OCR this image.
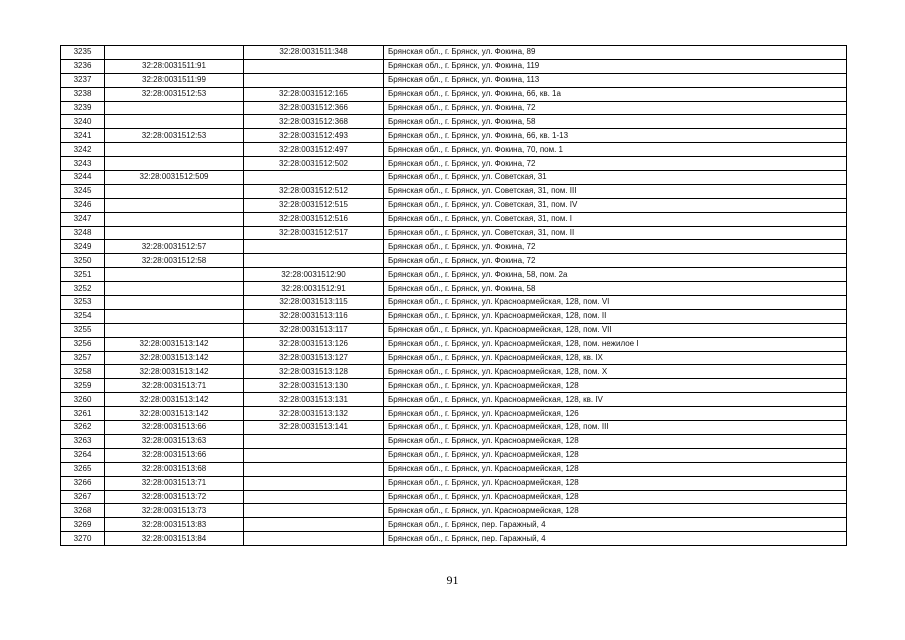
3235		32:28:0031511:348	Брянская обл., г. Брянск, ул. Фокина, 89
3236	32:28:0031511:91		Брянская обл., г. Брянск, ул. Фокина, 119
3237	32:28:0031511:99		Брянская обл., г. Брянск, ул. Фокина, 113
3238	32:28:0031512:53	32:28:0031512:165	Брянская обл., г. Брянск, ул. Фокина, 66, кв. 1а
3239		32:28:0031512:366	Брянская обл., г. Брянск, ул. Фокина, 72
3240		32:28:0031512:368	Брянская обл., г. Брянск, ул. Фокина, 58
3241	32:28:0031512:53	32:28:0031512:493	Брянская обл., г. Брянск, ул. Фокина, 66, кв. 1-13
3242		32:28:0031512:497	Брянская обл., г. Брянск, ул. Фокина, 70, пом. 1
3243		32:28:0031512:502	Брянская обл., г. Брянск, ул. Фокина, 72
3244	32:28:0031512:509		Брянская обл., г. Брянск, ул. Советская, 31
3245		32:28:0031512:512	Брянская обл., г. Брянск, ул. Советская, 31, пом. III
3246		32:28:0031512:515	Брянская обл., г. Брянск, ул. Советская, 31, пом. IV
3247		32:28:0031512:516	Брянская обл., г. Брянск, ул. Советская, 31, пом. I
3248		32:28:0031512:517	Брянская обл., г. Брянск, ул. Советская, 31, пом. II
3249	32:28:0031512:57		Брянская обл., г. Брянск, ул. Фокина, 72
3250	32:28:0031512:58		Брянская обл., г. Брянск, ул. Фокина, 72
3251		32:28:0031512:90	Брянская обл., г. Брянск, ул. Фокина, 58, пом. 2а
3252		32:28:0031512:91	Брянская обл., г. Брянск, ул. Фокина, 58
3253		32:28:0031513:115	Брянская обл., г. Брянск, ул. Красноармейская, 128, пом. VI
3254		32:28:0031513:116	Брянская обл., г. Брянск, ул. Красноармейская, 128, пом. II
3255		32:28:0031513:117	Брянская обл., г. Брянск, ул. Красноармейская, 128, пом. VII
3256	32:28:0031513:142	32:28:0031513:126	Брянская обл., г. Брянск, ул. Красноармейская, 128, пом. нежилое I
3257	32:28:0031513:142	32:28:0031513:127	Брянская обл., г. Брянск, ул. Красноармейская, 128, кв. IX
3258	32:28:0031513:142	32:28:0031513:128	Брянская обл., г. Брянск, ул. Красноармейская, 128, пом. X
3259	32:28:0031513:71	32:28:0031513:130	Брянская обл., г. Брянск, ул. Красноармейская, 128
3260	32:28:0031513:142	32:28:0031513:131	Брянская обл., г. Брянск, ул. Красноармейская, 128, кв. IV
3261	32:28:0031513:142	32:28:0031513:132	Брянская обл., г. Брянск, ул. Красноармейская, 126
3262	32:28:0031513:66	32:28:0031513:141	Брянская обл., г. Брянск, ул. Красноармейская, 128, пом. III
3263	32:28:0031513:63		Брянская обл., г. Брянск, ул. Красноармейская, 128
3264	32:28:0031513:66		Брянская обл., г. Брянск, ул. Красноармейская, 128
3265	32:28:0031513:68		Брянская обл., г. Брянск, ул. Красноармейская, 128
3266	32:28:0031513:71		Брянская обл., г. Брянск, ул. Красноармейская, 128
3267	32:28:0031513:72		Брянская обл., г. Брянск, ул. Красноармейская, 128
3268	32:28:0031513:73		Брянская обл., г. Брянск, ул. Красноармейская, 128
3269	32:28:0031513:83		Брянская обл., г. Брянск, пер. Гаражный, 4
3270	32:28:0031513:84		Брянская обл., г. Брянск, пер. Гаражный, 4
91
